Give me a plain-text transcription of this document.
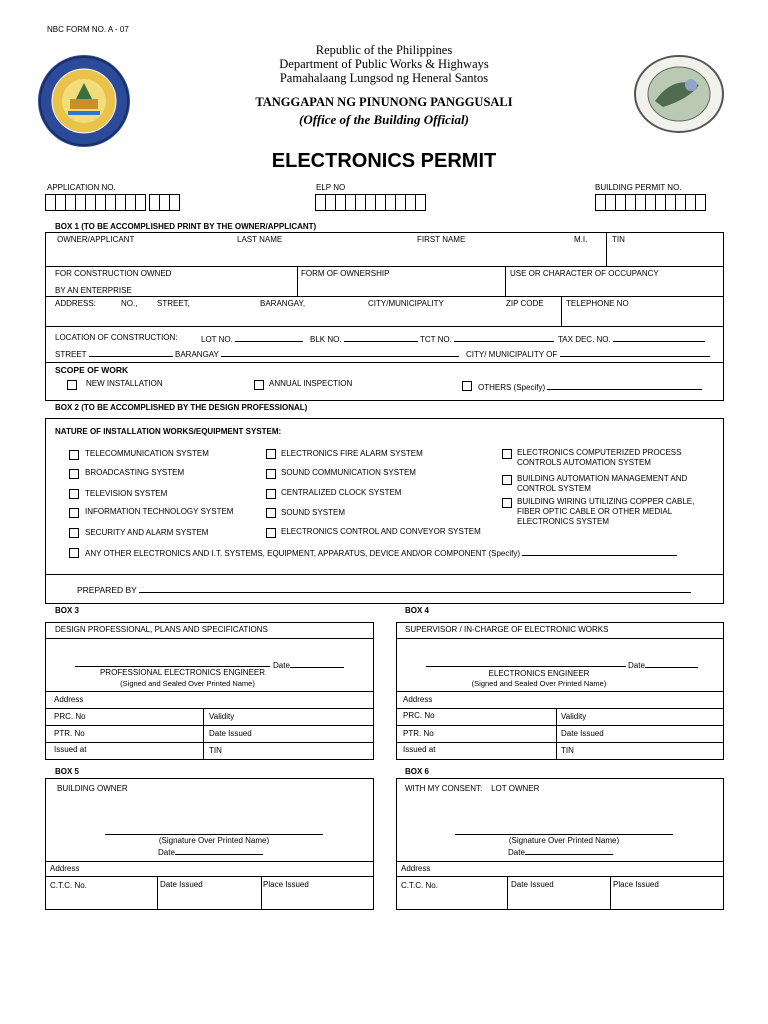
NBC FORM NO. A - 07
Republic of the Philippines
Department of Public Works & Highways
Pamahalaang Lungsod ng Heneral Santos
TANGGAPAN NG PINUNONG PANGGUSALI
(Office of the Building Official)
ELECTRONICS PERMIT
APPLICATION NO.	ELP NO	BUILDING PERMIT NO.
BOX 1 (TO BE ACCOMPLISHED PRINT BY THE OWNER/APPLICANT)
OWNER/APPLICANT	LAST NAME	FIRST NAME	M.I.	TIN
FOR CONSTRUCTION OWNED
BY AN ENTERPRISE
FORM OF OWNERSHIP	USE OR CHARACTER OF OCCUPANCY
ADDRESS:	NO., STREET,	BARANGAY,	CITY/MUNICIPALITY	ZIP CODE	TELEPHONE NO
LOCATION OF CONSTRUCTION:	LOT NO.	BLK NO.	TCT NO.	TAX DEC. NO.
STREET	BARANGAY	CITY/ MUNICIPALITY OF
SCOPE OF WORK
NEW INSTALLATION	ANNUAL INSPECTION	OTHERS (Specify)
BOX 2 (TO BE ACCOMPLISHED BY THE DESIGN PROFESSIONAL)
NATURE OF INSTALLATION WORKS/EQUIPMENT SYSTEM:
TELECOMMUNICATION SYSTEM
BROADCASTING SYSTEM
TELEVISION SYSTEM
INFORMATION TECHNOLOGY SYSTEM
SECURITY AND ALARM SYSTEM
ELECTRONICS FIRE ALARM SYSTEM
SOUND COMMUNICATION SYSTEM
CENTRALIZED CLOCK SYSTEM
SOUND SYSTEM
ELECTRONICS CONTROL AND CONVEYOR SYSTEM
ELECTRONICS COMPUTERIZED PROCESS
CONTROLS AUTOMATION SYSTEM
BUILDING AUTOMATION MANAGEMENT AND
CONTROL SYSTEM
BUILDING WIRING UTILIZING COPPER CABLE,
FIBER OPTIC CABLE OR OTHER MEDIAL
ELECTRONICS SYSTEM
ANY OTHER ELECTRONICS AND I.T. SYSTEMS, EQUIPMENT, APPARATUS, DEVICE AND/OR COMPONENT (Specify)
PREPARED BY
BOX 3
DESIGN PROFESSIONAL, PLANS AND SPECIFICATIONS
Date
PROFESSIONAL ELECTRONICS ENGINEER
(Signed and Sealed Over Printed Name)
Address
PRC. No	Validity
PTR. No	Date Issued
Issued at	TIN
BOX 4
SUPERVISOR / IN-CHARGE OF ELECTRONIC WORKS
Date
ELECTRONICS ENGINEER
(Signed and Sealed Over Printed Name)
Address
PRC. No	Validity
PTR. No	Date Issued
Issued at	TIN
BOX 5
BUILDING OWNER
(Signature Over Printed Name)
Date
Address
C.T.C. No.	Date Issued	Place Issued
BOX 6
WITH MY CONSENT:    LOT OWNER
(Signature Over Printed Name)
Date
Address
C.T.C. No.	Date Issued	Place Issued
